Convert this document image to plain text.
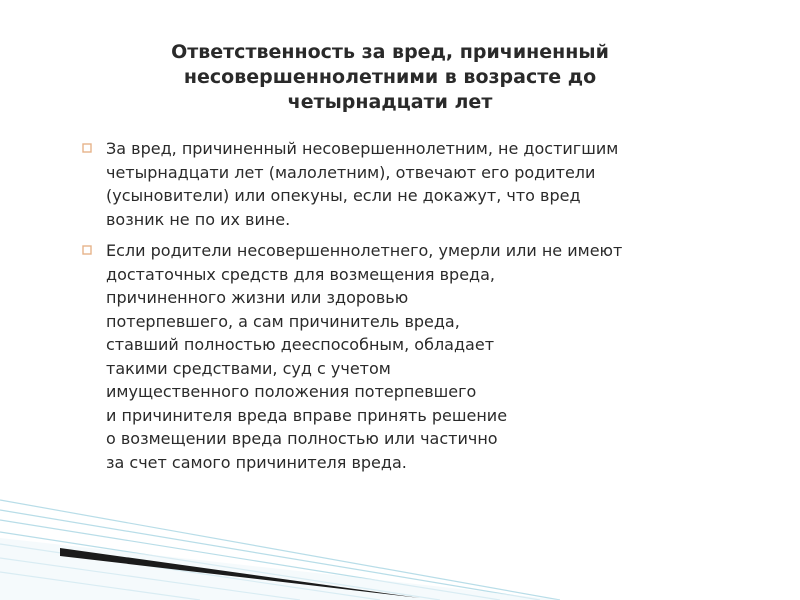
Ответственность за вред, причиненный
несовершеннолетними в возрасте до
четырнадцати лет
За вред, причиненный несовершеннолетним, не достигшим
четырнадцати лет (малолетним), отвечают его родители
(усыновители) или опекуны, если не докажут, что вред
возник не по их вине.
Если родители несовершеннолетнего, умерли или не имеют
достаточных средств для возмещения вреда,
причиненного жизни или здоровью
потерпевшего, а сам причинитель вреда,
ставший полностью дееспособным, обладает
такими средствами, суд с учетом
имущественного положения потерпевшего
и причинителя вреда вправе принять решение
о возмещении вреда полностью или частично
за счет самого причинителя вреда.
